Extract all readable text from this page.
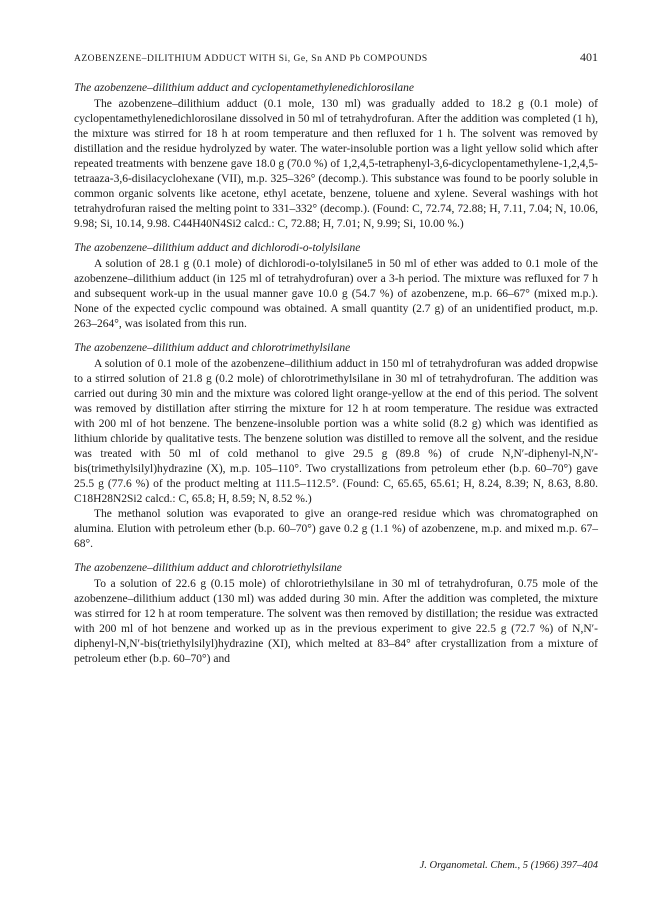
AZOBENZENE–DILITHIUM ADDUCT WITH Si, Ge, Sn AND Pb COMPOUNDS	401

The azobenzene–dilithium adduct and cyclopentamethylenedichlorosilane

The azobenzene–dilithium adduct (0.1 mole, 130 ml) was gradually added to 18.2 g (0.1 mole) of cyclopentamethylenedichlorosilane dissolved in 50 ml of tetrahydrofuran. After the addition was completed (1 h), the mixture was stirred for 18 h at room temperature and then refluxed for 1 h. The solvent was removed by distillation and the residue hydrolyzed by water. The water-insoluble portion was a light yellow solid which after repeated treatments with benzene gave 18.0 g (70.0 %) of 1,2,4,5-tetraphenyl-3,6-dicyclopentamethylene-1,2,4,5-tetraaza-3,6-disilacyclohexane (VII), m.p. 325–326° (decomp.). This substance was found to be poorly soluble in common organic solvents like acetone, ethyl acetate, benzene, toluene and xylene. Several washings with hot tetrahydrofuran raised the melting point to 331–332° (decomp.). (Found: C, 72.74, 72.88; H, 7.11, 7.04; N, 10.06, 9.98; Si, 10.14, 9.98. C44H40N4Si2 calcd.: C, 72.88; H, 7.01; N, 9.99; Si, 10.00 %.)

The azobenzene–dilithium adduct and dichlorodi-o-tolylsilane

A solution of 28.1 g (0.1 mole) of dichlorodi-o-tolylsilane5 in 50 ml of ether was added to 0.1 mole of the azobenzene–dilithium adduct (in 125 ml of tetrahydrofuran) over a 3-h period. The mixture was refluxed for 7 h and subsequent work-up in the usual manner gave 10.0 g (54.7 %) of azobenzene, m.p. 66–67° (mixed m.p.). None of the expected cyclic compound was obtained. A small quantity (2.7 g) of an unidentified product, m.p. 263–264°, was isolated from this run.

The azobenzene–dilithium adduct and chlorotrimethylsilane

A solution of 0.1 mole of the azobenzene–dilithium adduct in 150 ml of tetrahydrofuran was added dropwise to a stirred solution of 21.8 g (0.2 mole) of chlorotrimethylsilane in 30 ml of tetrahydrofuran. The addition was carried out during 30 min and the mixture was colored light orange-yellow at the end of this period. The solvent was removed by distillation after stirring the mixture for 12 h at room temperature. The residue was extracted with 200 ml of hot benzene. The benzene-insoluble portion was a white solid (8.2 g) which was identified as lithium chloride by qualitative tests. The benzene solution was distilled to remove all the solvent, and the residue was treated with 50 ml of cold methanol to give 29.5 g (89.8 %) of crude N,N′-diphenyl-N,N′-bis(trimethylsilyl)hydrazine (X), m.p. 105–110°. Two crystallizations from petroleum ether (b.p. 60–70°) gave 25.5 g (77.6 %) of the product melting at 111.5–112.5°. (Found: C, 65.65, 65.61; H, 8.24, 8.39; N, 8.63, 8.80. C18H28N2Si2 calcd.: C, 65.8; H, 8.59; N, 8.52 %.)

The methanol solution was evaporated to give an orange-red residue which was chromatographed on alumina. Elution with petroleum ether (b.p. 60–70°) gave 0.2 g (1.1 %) of azobenzene, m.p. and mixed m.p. 67–68°.

The azobenzene–dilithium adduct and chlorotriethylsilane

To a solution of 22.6 g (0.15 mole) of chlorotriethylsilane in 30 ml of tetrahydrofuran, 0.75 mole of the azobenzene–dilithium adduct (130 ml) was added during 30 min. After the addition was completed, the mixture was stirred for 12 h at room temperature. The solvent was then removed by distillation; the residue was extracted with 200 ml of hot benzene and worked up as in the previous experiment to give 22.5 g (72.7 %) of N,N′-diphenyl-N,N′-bis(triethylsilyl)hydrazine (XI), which melted at 83–84° after crystallization from a mixture of petroleum ether (b.p. 60–70°) and

J. Organometal. Chem., 5 (1966) 397–404
